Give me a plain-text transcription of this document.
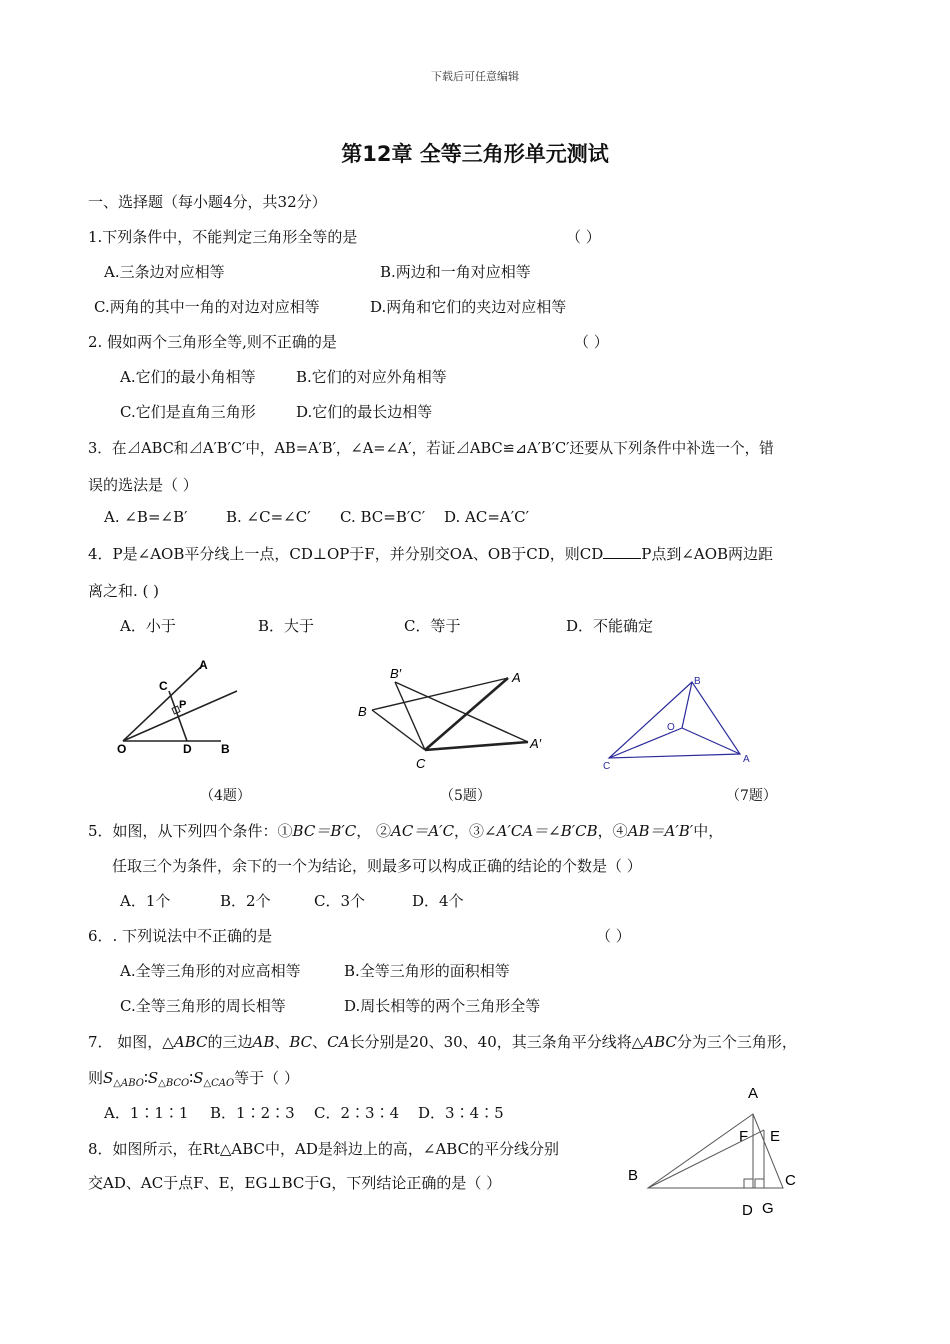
下载后可任意编辑
第12章 全等三角形单元测试
一、选择题（每小题4分，共32分）
1.下列条件中，不能判定三角形全等的是	（ ）
A.三条边对应相等	B.两边和一角对应相等
C.两角的其中一角的对边对应相等	D.两角和它们的夹边对应相等
2. 假如两个三角形全等,则不正确的是	（ ）
A.它们的最小角相等	B.它们的对应外角相等
C.它们是直角三角形	D.它们的最长边相等
3．在⊿ABC和⊿A′B′C′中，AB=A′B′，∠A=∠A′，若证⊿ABC≌⊿A′B′C′还要从下列条件中补选一个，错
误的选法是（ ）
A. ∠B=∠B′	B. ∠C=∠C′ C. BC=B′C′ D. AC=A′C′
4．P是∠AOB平分线上一点，CD⊥OP于F，并分别交OA、OB于CD，则CD	P点到∠AOB两边距
离之和. ( )
A．小于	B．大于	C．等于	D．不能确定
A
C
P
O	D B
（4题）
B′	A
B
A′
C
（5题）
B
O
C
A
（7题）
5．如图，从下列四个条件：①BC＝B′C， ②AC＝A′C，③∠A′CA＝∠B′CB，④AB＝A′B′中，
任取三个为条件，余下的一个为结论，则最多可以构成正确的结论的个数是（ ）
A．1个	B．2个	C．3个	D．4个
6．. 下列说法中不正确的是	（ ）
A.全等三角形的对应高相等	B.全等三角形的面积相等
C.全等三角形的周长相等	D.周长相等的两个三角形全等
7． 如图，△ABC的三边AB、BC、CA长分别是20、30、40，其三条角平分线将△ABC分为三个三角形，
则$S_{\triangle ABO}∶S_{\triangle BCO}∶S_{\triangle CAO}$等于（ ）
A．1∶1∶1 B．1∶2∶3 C．2∶3∶4 D．3∶4∶5
8．如图所示，在Rt△ABC中，AD是斜边上的高，∠ABC的平分线分别
交AD、AC于点F、E，EG⊥BC于G，下列结论正确的是（ ）
A
F E
B	C
D G
